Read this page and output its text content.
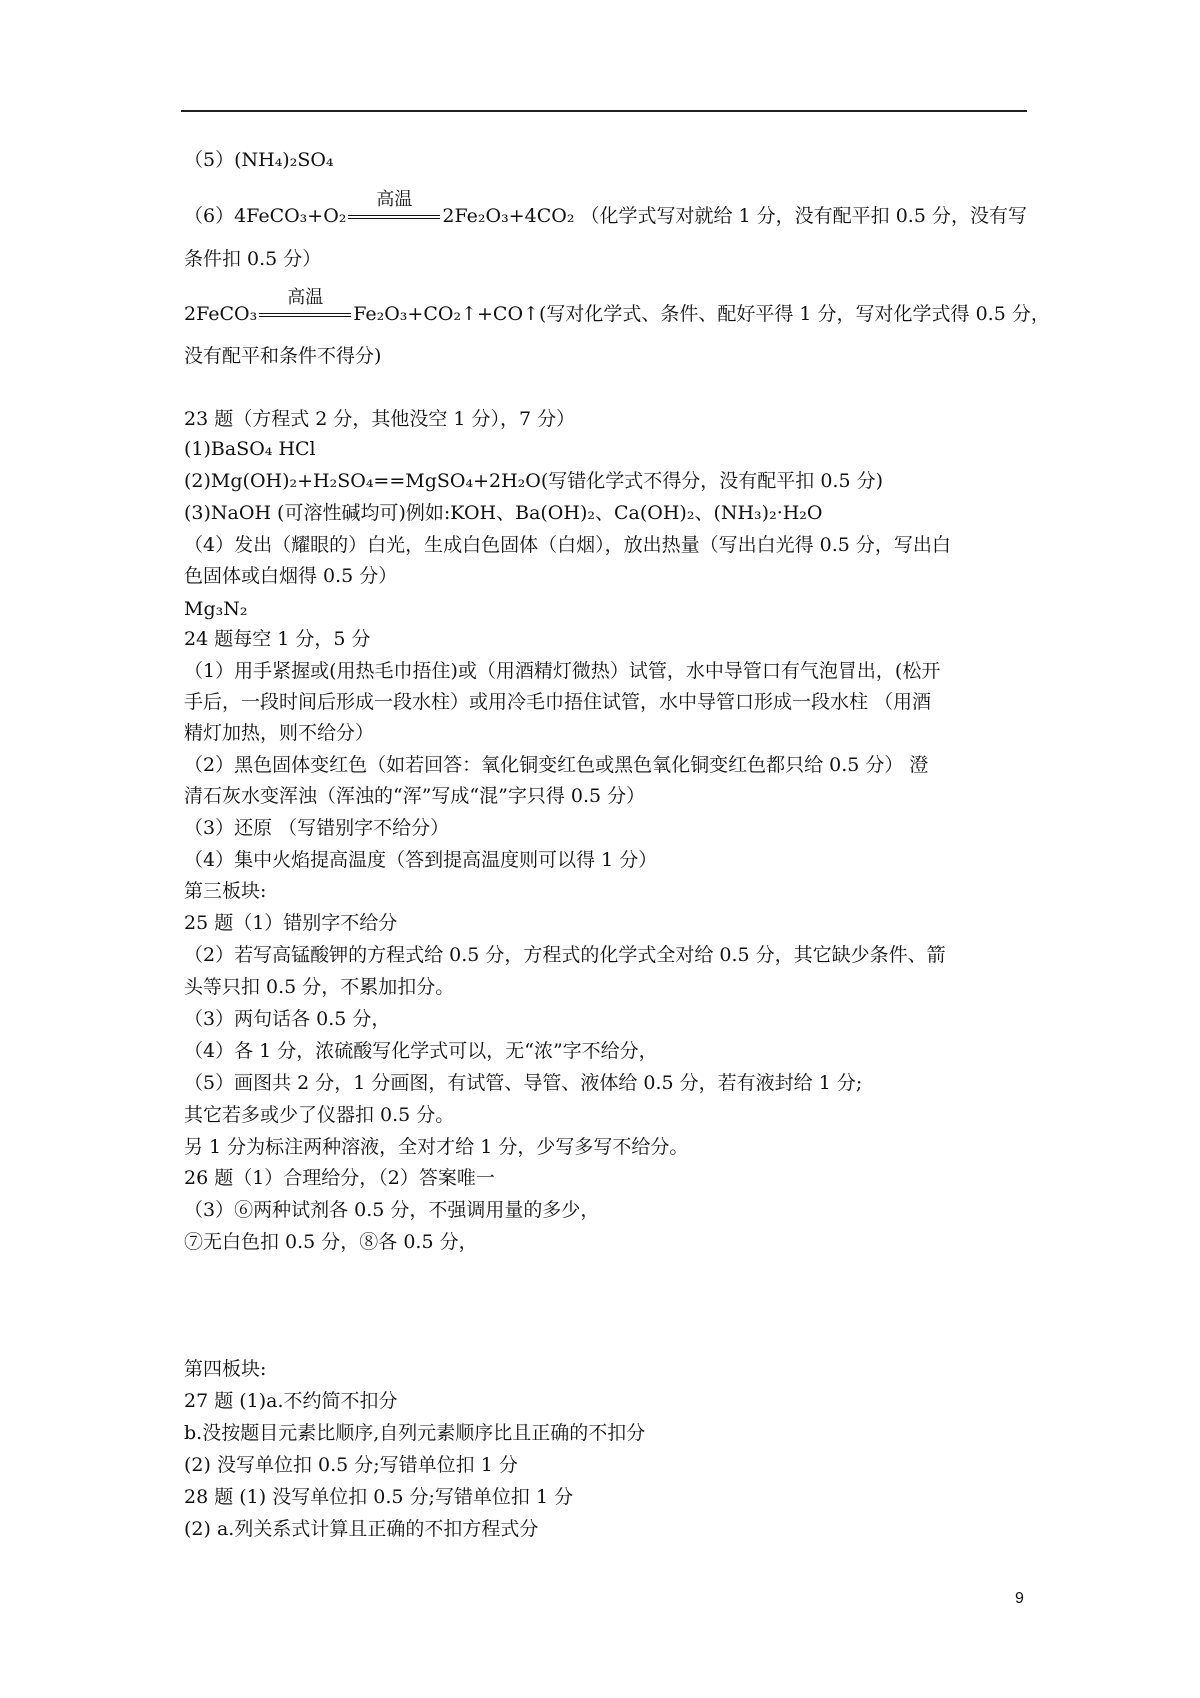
（5）(NH₄)₂SO₄
（6）4FeCO₃+O₂
高温
2Fe₂O₃+4CO₂ （化学式写对就给 1 分，没有配平扣 0.5 分，没有写
条件扣 0.5 分）
2FeCO₃
高温
Fe₂O₃+CO₂↑+CO↑(写对化学式、条件、配好平得 1 分，写对化学式得 0.5 分，
没有配平和条件不得分)
23 题（方程式 2 分，其他没空 1 分），7 分）
(1)BaSO₄ HCl
(2)Mg(OH)₂+H₂SO₄==MgSO₄+2H₂O(写错化学式不得分，没有配平扣 0.5 分)
(3)NaOH (可溶性碱均可)例如:KOH、Ba(OH)₂、Ca(OH)₂、(NH₃)₂·H₂O
（4）发出（耀眼的）白光，生成白色固体（白烟），放出热量（写出白光得 0.5 分，写出白
色固体或白烟得 0.5 分）
Mg₃N₂
24 题每空 1 分，5 分
（1）用手紧握或(用热毛巾捂住)或（用酒精灯微热）试管，水中导管口有气泡冒出，(松开
手后，一段时间后形成一段水柱）或用冷毛巾捂住试管，水中导管口形成一段水柱 （用酒
精灯加热，则不给分）
（2）黑色固体变红色（如若回答：氧化铜变红色或黑色氧化铜变红色都只给 0.5 分） 澄
清石灰水变浑浊（浑浊的“浑”写成“混”字只得 0.5 分）
（3）还原 （写错别字不给分）
（4）集中火焰提高温度（答到提高温度则可以得 1 分）
第三板块:
25 题（1）错别字不给分
（2）若写高锰酸钾的方程式给 0.5 分，方程式的化学式全对给 0.5 分，其它缺少条件、箭
头等只扣 0.5 分，不累加扣分。
（3）两句话各 0.5 分，
（4）各 1 分，浓硫酸写化学式可以，无“浓”字不给分，
（5）画图共 2 分，1 分画图，有试管、导管、液体给 0.5 分，若有液封给 1 分;
其它若多或少了仪器扣 0.5 分。
另 1 分为标注两种溶液，全对才给 1 分，少写多写不给分。
26 题（1）合理给分，（2）答案唯一
（3）⑥两种试剂各 0.5 分，不强调用量的多少，
⑦无白色扣 0.5 分，⑧各 0.5 分，
第四板块:
27 题 (1)a.不约简不扣分
b.没按题目元素比顺序,自列元素顺序比且正确的不扣分
(2) 没写单位扣 0.5 分;写错单位扣 1 分
28 题 (1) 没写单位扣 0.5 分;写错单位扣 1 分
(2) a.列关系式计算且正确的不扣方程式分
9
